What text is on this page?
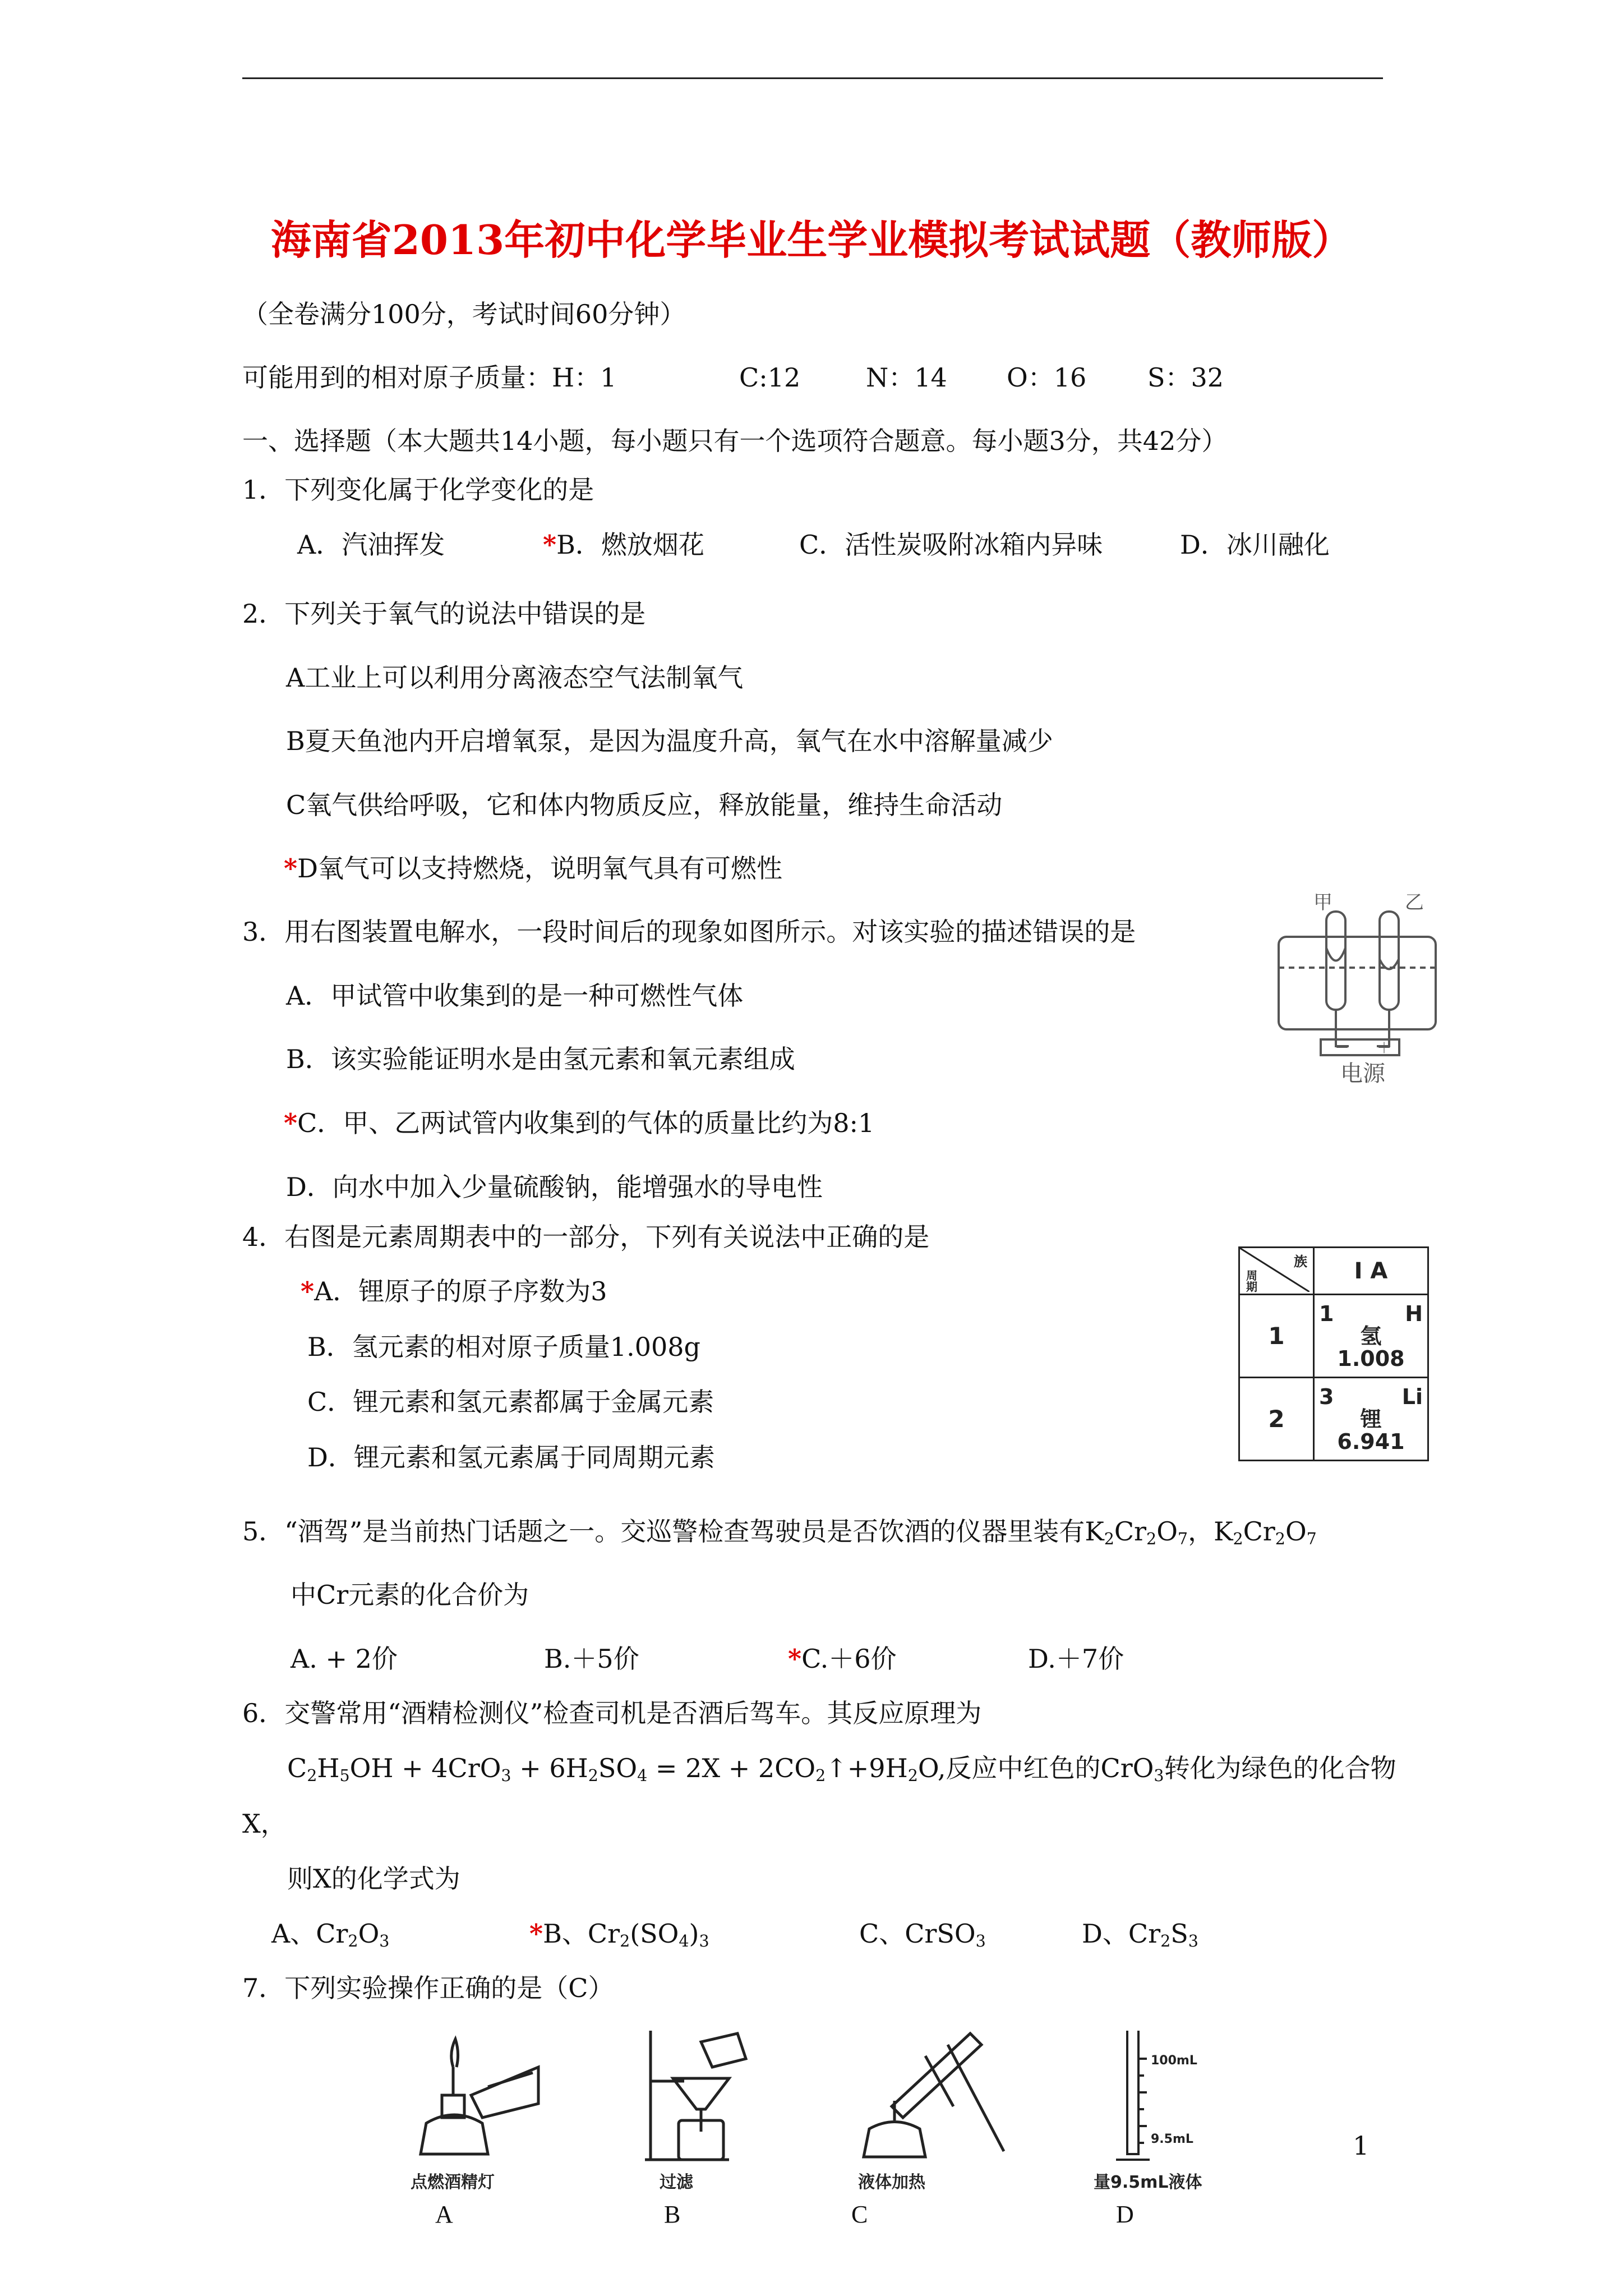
海南省2013年初中化学毕业生学业模拟考试试题（教师版）
（全卷满分100分，考试时间60分钟）
可能用到的相对原子质量：H：1	C:12	N：14 O：16 S：32
一、选择题（本大题共14小题，每小题只有一个选项符合题意。每小题3分，共42分）
1．下列变化属于化学变化的是
A．汽油挥发	*B．燃放烟花	C．活性炭吸附冰箱内异味	D．冰川融化
2．下列关于氧气的说法中错误的是
A工业上可以利用分离液态空气法制氧气
B夏天鱼池内开启增氧泵，是因为温度升高，氧气在水中溶解量减少
C氧气供给呼吸，它和体内物质反应，释放能量，维持生命活动
*D氧气可以支持燃烧，说明氧气具有可燃性
3．用右图装置电解水，一段时间后的现象如图所示。对该实验的描述错误的是
A．甲试管中收集到的是一种可燃性气体
B．该实验能证明水是由氢元素和氧元素组成
*C．甲、乙两试管内收集到的气体的质量比约为8:1
D．向水中加入少量硫酸钠，能增强水的导电性
甲	乙
－ ＋
电源
4．右图是元素周期表中的一部分，下列有关说法中正确的是
*A．锂原子的原子序数为3
B．氢元素的相对原子质量1.008g
C．锂元素和氢元素都属于金属元素
D．锂元素和氢元素属于同周期元素
族
周期	I A
1	1 H
氢
1.008

2	3 Li
锂
6.941
5．“酒驾”是当前热门话题之一。交巡警检查驾驶员是否饮酒的仪器里装有$K_2Cr_2O_7$，$K_2Cr_2O_7$
中Cr元素的化合价为
A. + 2价	B.＋5价	*C.＋6价	D.＋7价
6．交警常用“酒精检测仪”检查司机是否酒后驾车。其反应原理为
$C_2H_5OH + 4CrO_3 + 6H_2SO_4 = 2X$ + $2CO_2↑+9H_2O$,反应中红色的CrO$_3$转化为绿色的化合物
X，
则X的化学式为
A、$Cr_2O_3$	*B、$Cr_2(SO_4)_3$	C、CrSO$_3$	D、$Cr_2S_3$
7．下列实验操作正确的是（C）
点燃酒精灯
A
过滤
B
液体加热
C
100mL
9.5mL
量9.5mL液体
D
1
